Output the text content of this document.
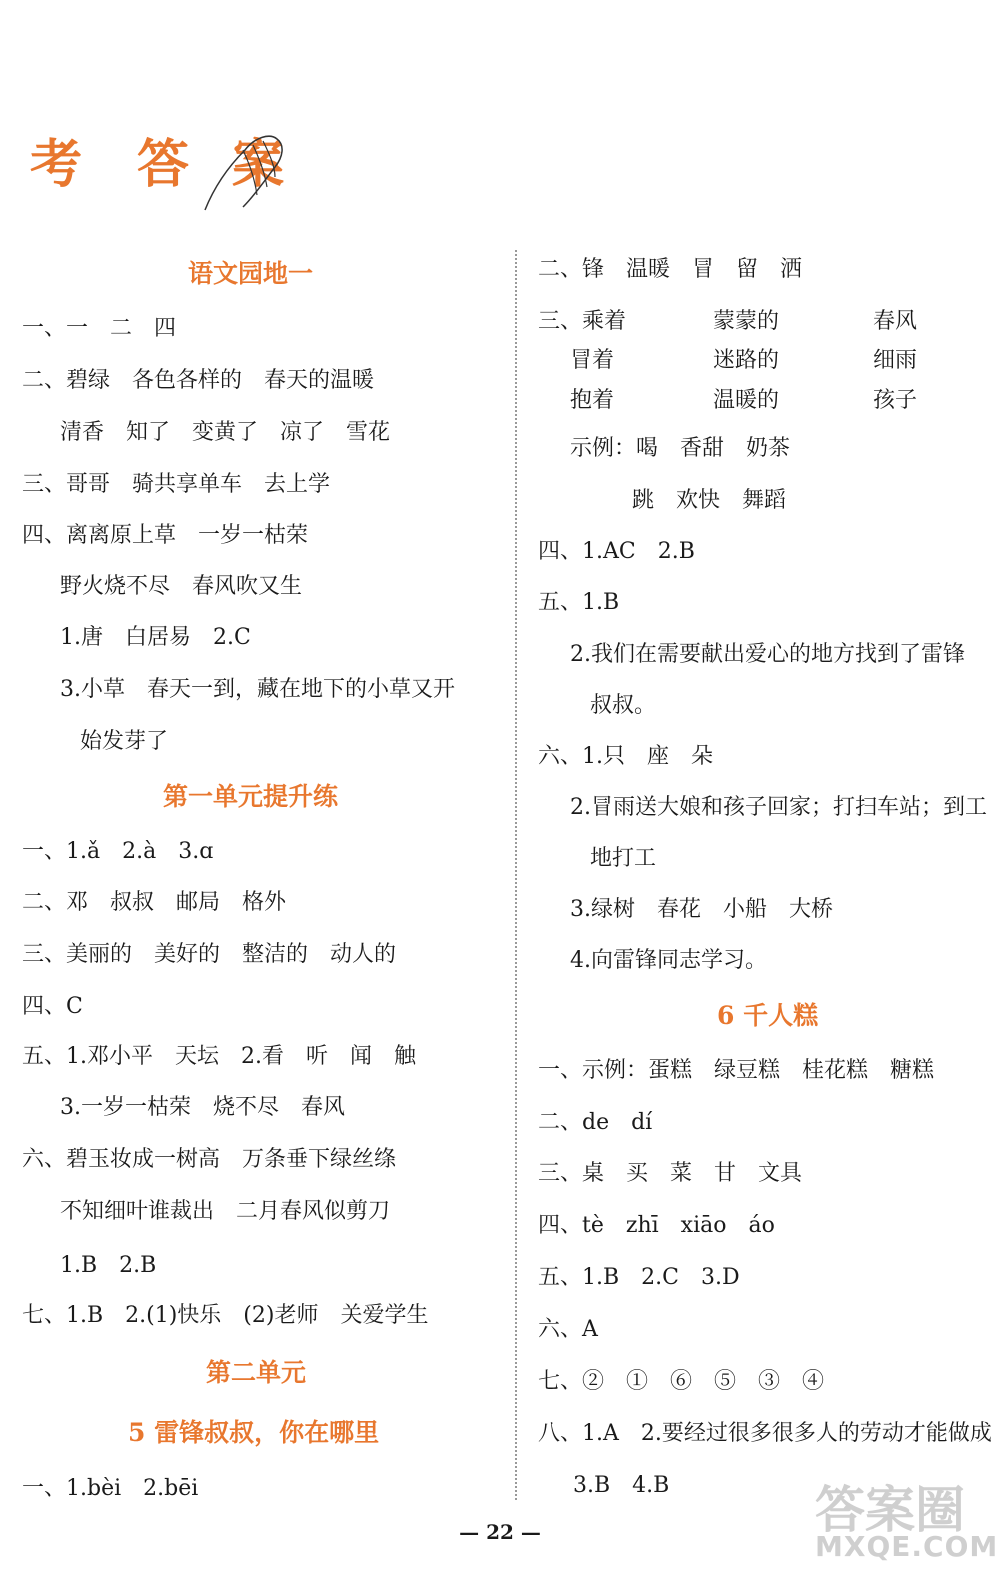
考 答 案
语文园地一
一、一　二　四
二、碧绿　各色各样的　春天的温暖
清香　知了　变黄了　凉了　雪花
三、哥哥　骑共享单车　去上学
四、离离原上草　一岁一枯荣
野火烧不尽　春风吹又生
1.唐　白居易　2.C
3.小草　春天一到，藏在地下的小草又开
始发芽了
第一单元提升练
一、1.ǎ　2.à　3.ɑ
二、邓　叔叔　邮局　格外
三、美丽的　美好的　整洁的　动人的
四、C
五、1.邓小平　天坛　2.看　听　闻　触
3.一岁一枯荣　烧不尽　春风
六、碧玉妆成一树高　万条垂下绿丝绦
不知细叶谁裁出　二月春风似剪刀
1.B　2.B
七、1.B　2.(1)快乐　(2)老师　关爱学生
第二单元
5 雷锋叔叔，你在哪里
一、1.bèi　2.bēi
二、锋　温暖　冒　留　洒
三、乘着	蒙蒙的	春风
冒着	迷路的	细雨
抱着	温暖的	孩子
示例：喝　香甜　奶茶
跳　欢快　舞蹈
四、1.AC　2.B
五、1.B
2.我们在需要献出爱心的地方找到了雷锋
叔叔。
六、1.只　座　朵
2.冒雨送大娘和孩子回家；打扫车站；到工
地打工
3.绿树　春花　小船　大桥
4.向雷锋同志学习。
6 千人糕
一、示例：蛋糕　绿豆糕　桂花糕　糖糕
二、de　dí
三、桌　买　菜　甘　文具
四、tè　zhī　xiāo　áo
五、1.B　2.C　3.D
六、A
七、②　①　⑥　⑤　③　④
八、1.A　2.要经过很多很多人的劳动才能做成
3.B　4.B
— 22 —	答案圈
MXQE.COM
